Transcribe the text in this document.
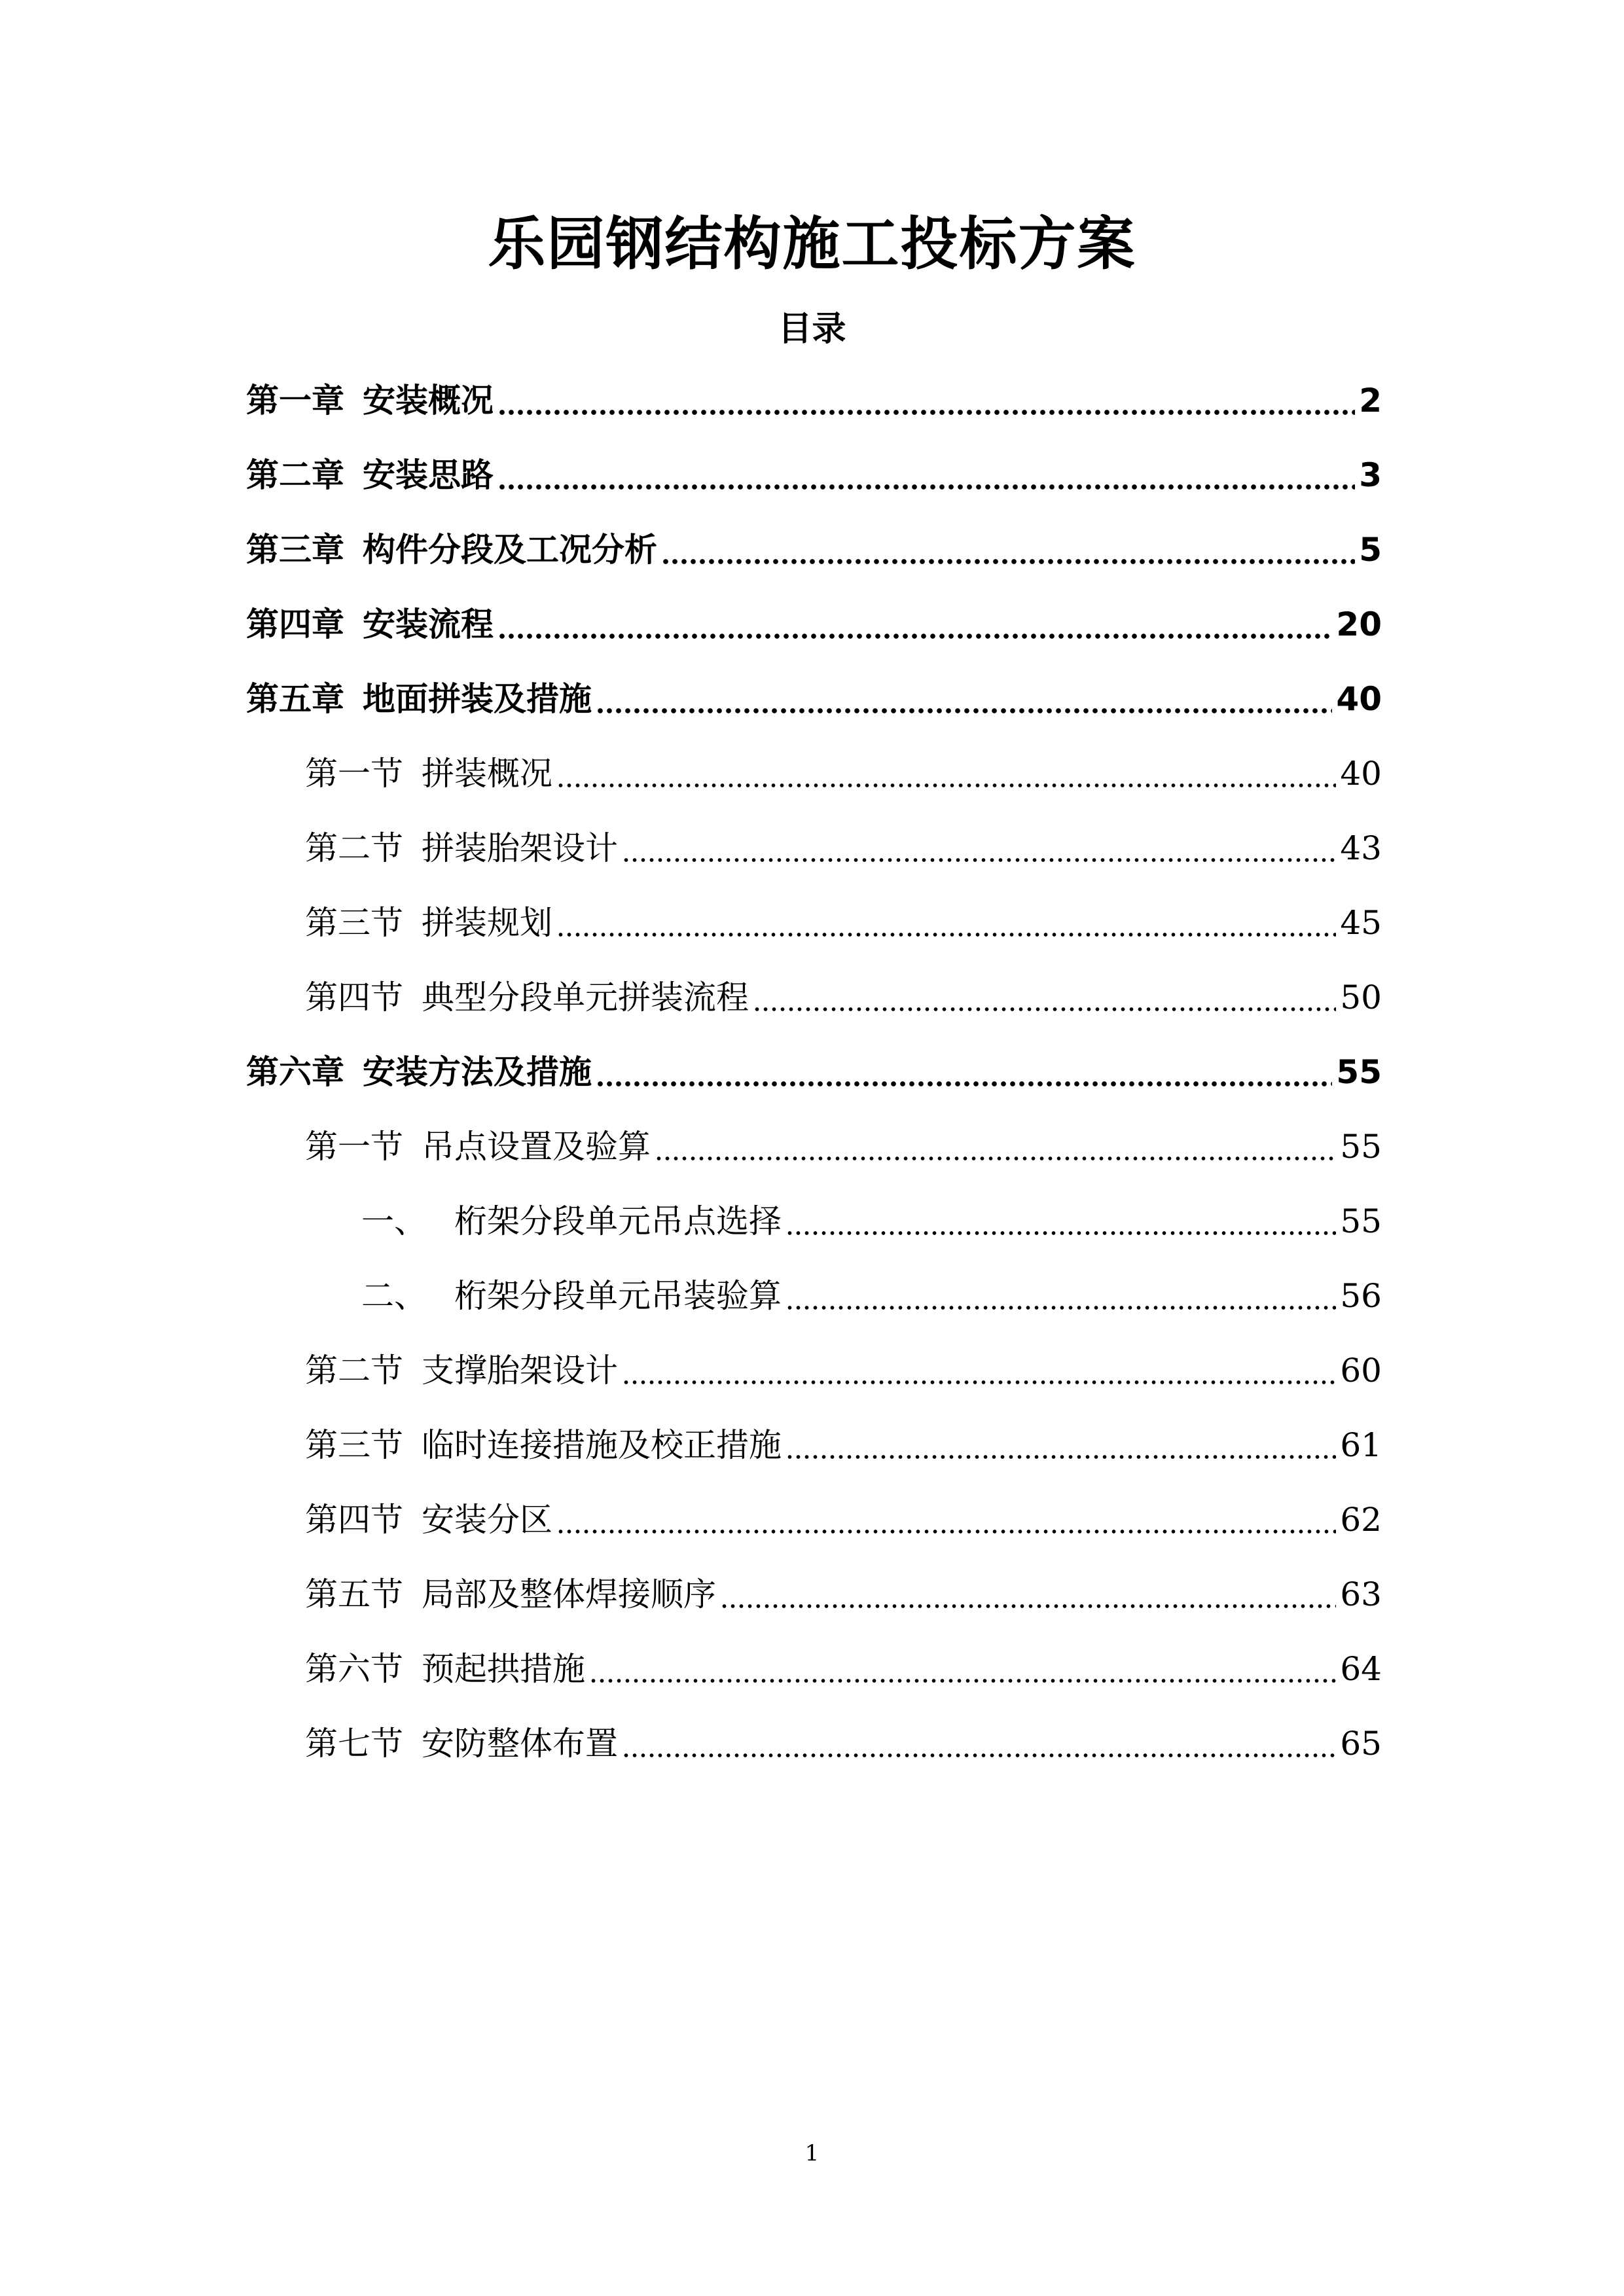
乐园钢结构施工投标方案
目录
第一章 安装概况	2
第二章 安装思路	3
第三章 构件分段及工况分析	5
第四章 安装流程	20
第五章 地面拼装及措施	40
第一节 拼装概况	40
第二节 拼装胎架设计	43
第三节 拼装规划	45
第四节 典型分段单元拼装流程	50
第六章 安装方法及措施	55
第一节 吊点设置及验算	55
一、 桁架分段单元吊点选择	55
二、 桁架分段单元吊装验算	56
第二节 支撑胎架设计	60
第三节 临时连接措施及校正措施	61
第四节 安装分区	62
第五节 局部及整体焊接顺序	63
第六节 预起拱措施	64
第七节 安防整体布置	65
1
